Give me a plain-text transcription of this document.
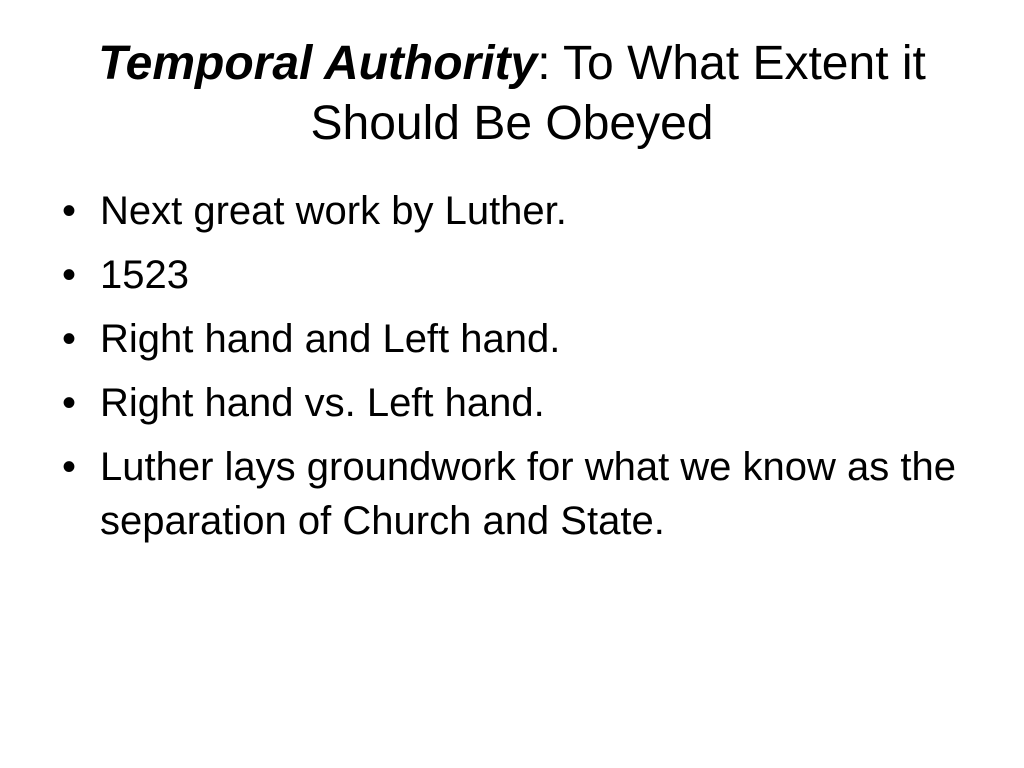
Temporal Authority: To What Extent it Should Be Obeyed
• Next great work by Luther.
• 1523
• Right hand and Left hand.
• Right hand vs. Left hand.
• Luther lays groundwork for what we know as the separation of Church and State.
